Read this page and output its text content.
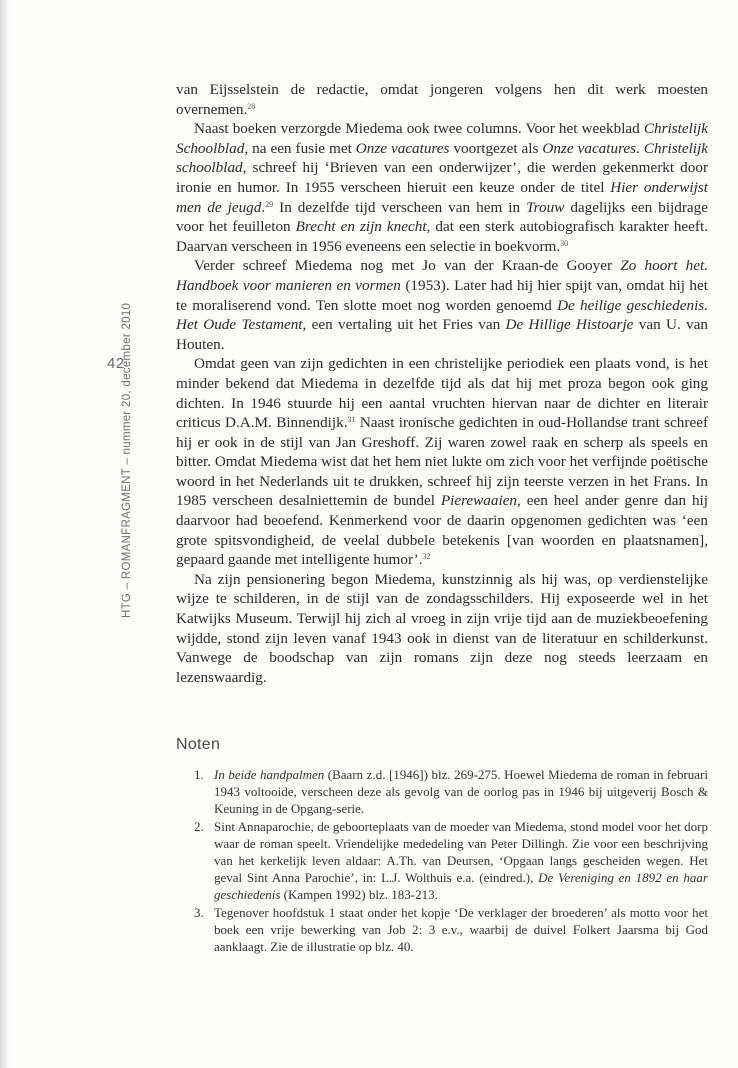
42
HTG – ROMANFRAGMENT – nummer 20, december 2010

van Eijsselstein de redactie, omdat jongeren volgens hen dit werk moesten overnemen.$^{28}$

Naast boeken verzorgde Miedema ook twee columns. Voor het weekblad Christelijk Schoolblad, na een fusie met Onze vacatures voortgezet als Onze vacatures. Christelijk schoolblad, schreef hij ‘Brieven van een onderwijzer’, die werden gekenmerkt door ironie en humor. In 1955 verscheen hieruit een keuze onder de titel Hier onderwijst men de jeugd.$^{29}$ In dezelfde tijd verscheen van hem in Trouw dagelijks een bijdrage voor het feuilleton Brecht en zijn knecht, dat een sterk autobiografisch karakter heeft. Daarvan verscheen in 1956 eveneens een selectie in boekvorm.$^{30}$

Verder schreef Miedema nog met Jo van der Kraan-de Gooyer Zo hoort het. Handboek voor manieren en vormen (1953). Later had hij hier spijt van, omdat hij het te moraliserend vond. Ten slotte moet nog worden genoemd De heilige geschiedenis. Het Oude Testament, een vertaling uit het Fries van De Hillige Histoarje van U. van Houten.

Omdat geen van zijn gedichten in een christelijke periodiek een plaats vond, is het minder bekend dat Miedema in dezelfde tijd als dat hij met proza begon ook ging dichten. In 1946 stuurde hij een aantal vruchten hiervan naar de dichter en literair criticus D.A.M. Binnendijk.$^{31}$ Naast ironische gedichten in oud-Hollandse trant schreef hij er ook in de stijl van Jan Greshoff. Zij waren zowel raak en scherp als speels en bitter. Omdat Miedema wist dat het hem niet lukte om zich voor het verfijnde poëtische woord in het Nederlands uit te drukken, schreef hij zijn teerste verzen in het Frans. In 1985 verscheen desalniettemin de bundel Pierewaaien, een heel ander genre dan hij daarvoor had beoefend. Kenmerkend voor de daarin opgenomen gedichten was ‘een grote spitsvondigheid, de veelal dubbele betekenis [van woorden en plaatsnamen], gepaard gaande met intelligente humor’.$^{32}$

Na zijn pensionering begon Miedema, kunstzinnig als hij was, op verdienstelijke wijze te schilderen, in de stijl van de zondagsschilders. Hij exposeerde wel in het Katwijks Museum. Terwijl hij zich al vroeg in zijn vrije tijd aan de muziekbeoefening wijdde, stond zijn leven vanaf 1943 ook in dienst van de literatuur en schilderkunst. Vanwege de boodschap van zijn romans zijn deze nog steeds leerzaam en lezenswaardig.

Noten
1. In beide handpalmen (Baarn z.d. [1946]) blz. 269-275. Hoewel Miedema de roman in februari 1943 voltooide, verscheen deze als gevolg van de oorlog pas in 1946 bij uitgeverij Bosch & Keuning in de Opgang-serie.
2. Sint Annaparochie, de geboorteplaats van de moeder van Miedema, stond model voor het dorp waar de roman speelt. Vriendelijke mededeling van Peter Dillingh. Zie voor een beschrijving van het kerkelijk leven aldaar: A.Th. van Deursen, ‘Opgaan langs gescheiden wegen. Het geval Sint Anna Parochie’, in: L.J. Wolthuis e.a. (eindred.), De Vereniging en 1892 en haar geschiedenis (Kampen 1992) blz. 183-213.
3. Tegenover hoofdstuk 1 staat onder het kopje ‘De verklager der broederen’ als motto voor het boek een vrije bewerking van Job 2: 3 e.v., waarbij de duivel Folkert Jaarsma bij God aanklaagt. Zie de illustratie op blz. 40.
